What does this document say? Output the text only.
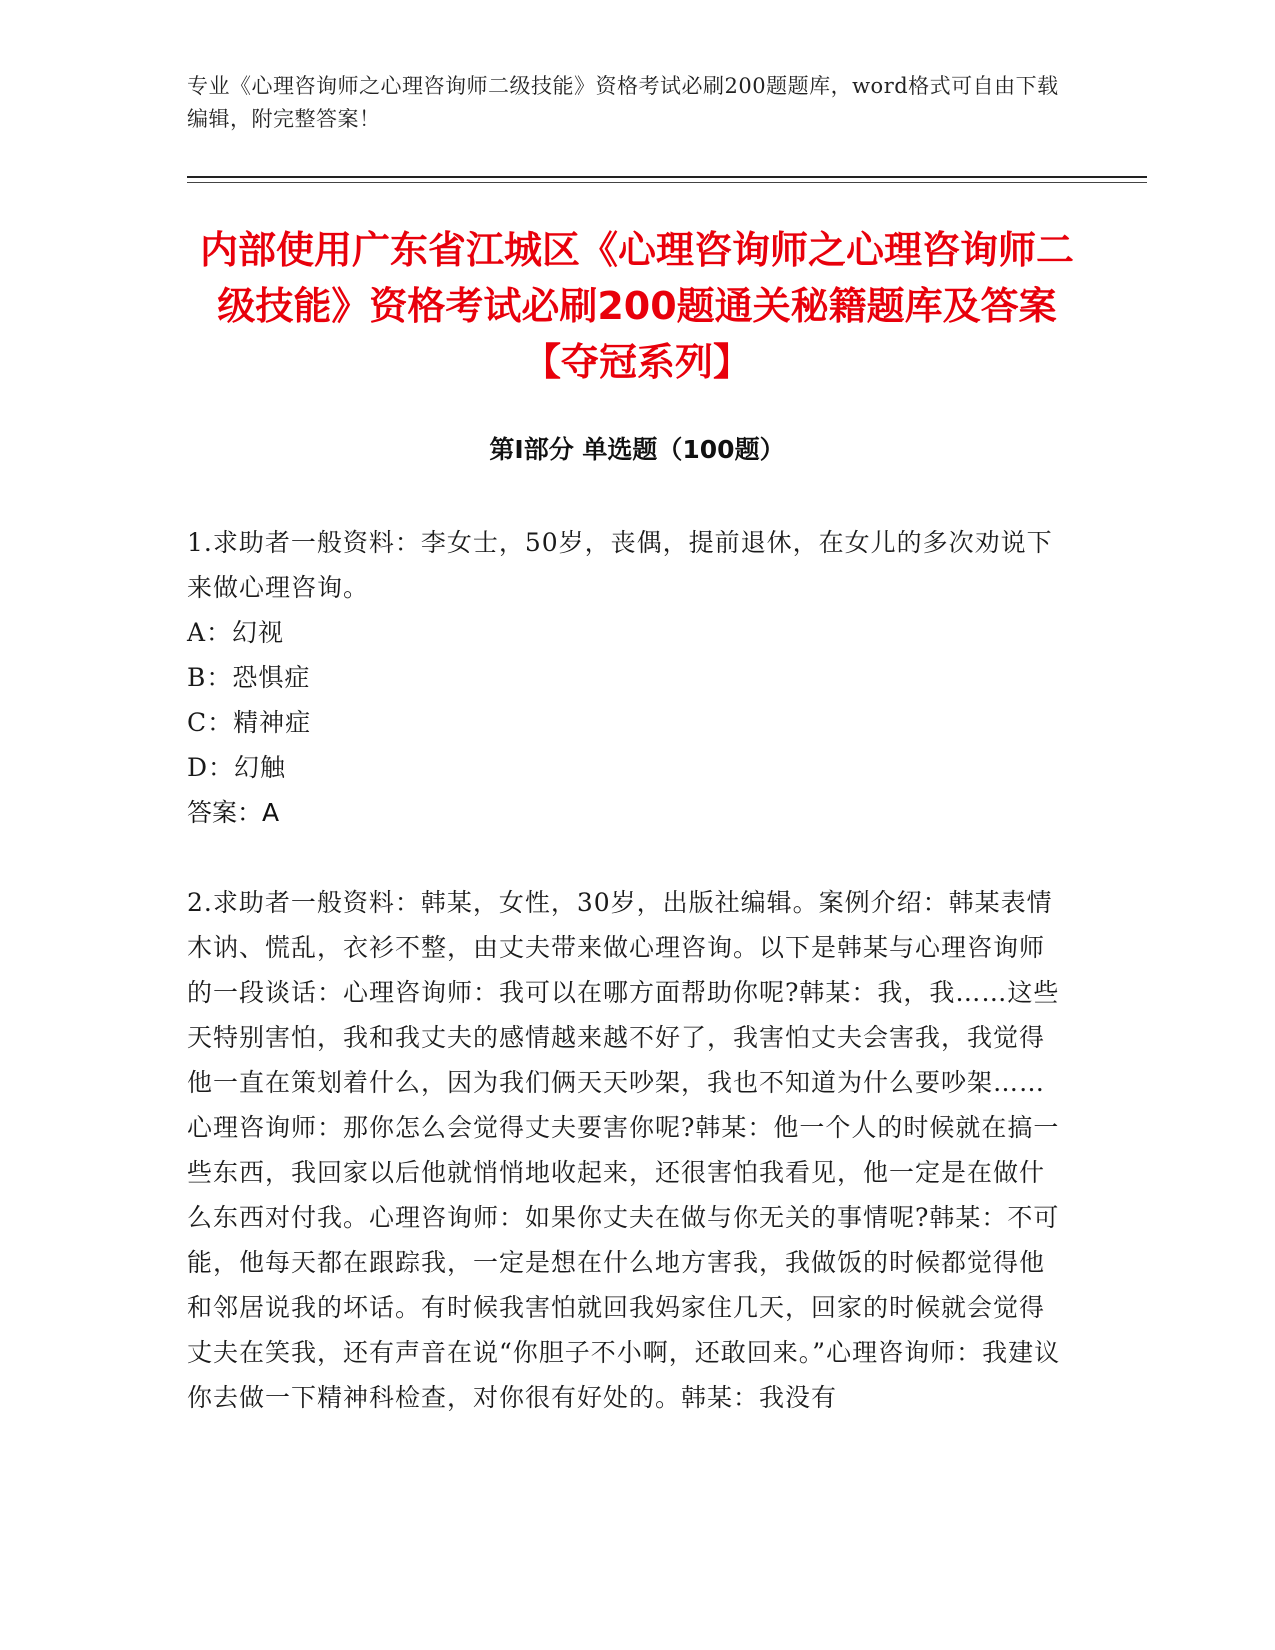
专业《心理咨询师之心理咨询师二级技能》资格考试必刷200题题库，word格式可自由下载编辑，附完整答案！
内部使用广东省江城区《心理咨询师之心理咨询师二级技能》资格考试必刷200题通关秘籍题库及答案【夺冠系列】
第Ⅰ部分 单选题（100题）

1.求助者一般资料：李女士，50岁，丧偶，提前退休，在女儿的多次劝说下来做心理咨询。

A：幻视

B：恐惧症

C：精神症

D：幻触

答案：A

2.求助者一般资料：韩某，女性，30岁，出版社编辑。案例介绍：韩某表情木讷、慌乱，衣衫不整，由丈夫带来做心理咨询。以下是韩某与心理咨询师的一段谈话：心理咨询师：我可以在哪方面帮助你呢?韩某：我，我……这些天特别害怕，我和我丈夫的感情越来越不好了，我害怕丈夫会害我，我觉得他一直在策划着什么，因为我们俩天天吵架，我也不知道为什么要吵架……心理咨询师：那你怎么会觉得丈夫要害你呢?韩某：他一个人的时候就在搞一些东西，我回家以后他就悄悄地收起来，还很害怕我看见，他一定是在做什么东西对付我。心理咨询师：如果你丈夫在做与你无关的事情呢?韩某：不可能，他每天都在跟踪我，一定是想在什么地方害我，我做饭的时候都觉得他和邻居说我的坏话。有时候我害怕就回我妈家住几天，回家的时候就会觉得丈夫在笑我，还有声音在说“你胆子不小啊，还敢回来。”心理咨询师：我建议你去做一下精神科检查，对你很有好处的。韩某：我没有
